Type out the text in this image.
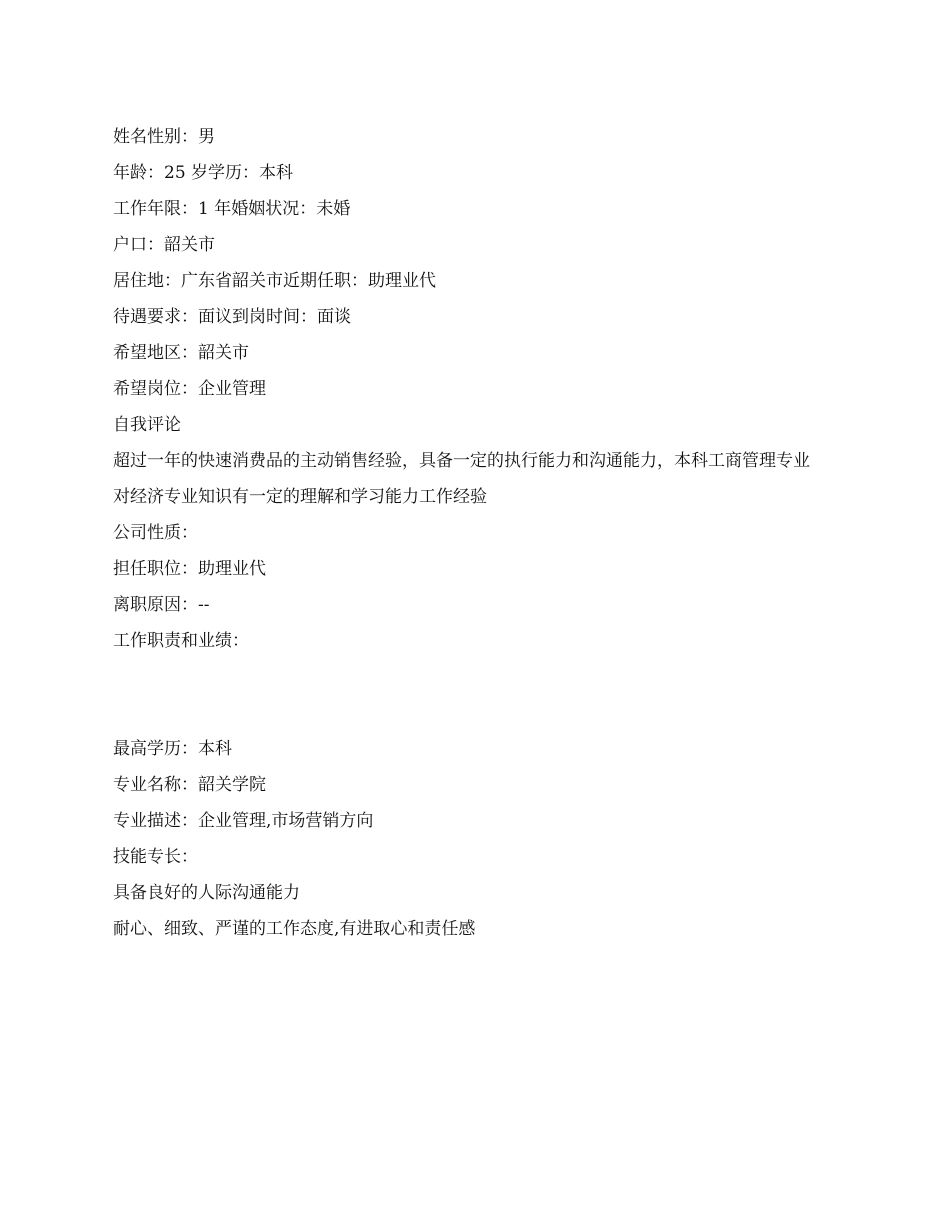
姓名性别：男

年龄：25 岁学历：本科

工作年限：1 年婚姻状况：未婚

户口：韶关市

居住地：广东省韶关市近期任职：助理业代

待遇要求：面议到岗时间：面谈

希望地区：韶关市

希望岗位：企业管理

自我评论

超过一年的快速消费品的主动销售经验，具备一定的执行能力和沟通能力，本科工商管理专业

对经济专业知识有一定的理解和学习能力工作经验

公司性质：

担任职位：助理业代

离职原因：--

工作职责和业绩：

最高学历：本科

专业名称：韶关学院

专业描述：企业管理,市场营销方向

技能专长：

具备良好的人际沟通能力

耐心、细致、严谨的工作态度,有进取心和责任感
